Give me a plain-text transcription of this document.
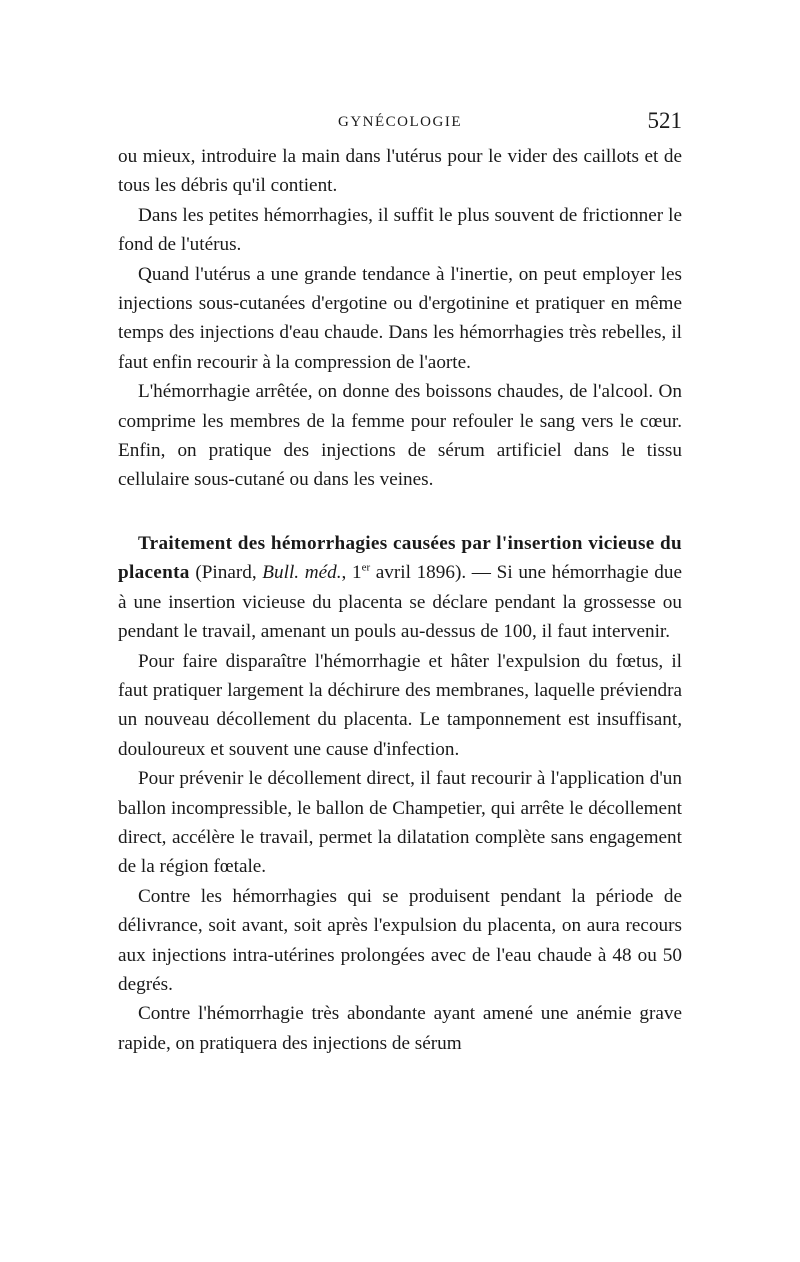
GYNÉCOLOGIE	521

ou mieux, introduire la main dans l'utérus pour le vider des caillots et de tous les débris qu'il contient.

Dans les petites hémorrhagies, il suffit le plus souvent de frictionner le fond de l'utérus.

Quand l'utérus a une grande tendance à l'inertie, on peut employer les injections sous-cutanées d'ergotine ou d'ergotinine et pratiquer en même temps des injections d'eau chaude. Dans les hémorrhagies très rebelles, il faut enfin recourir à la compression de l'aorte.

L'hémorrhagie arrêtée, on donne des boissons chaudes, de l'alcool. On comprime les membres de la femme pour refouler le sang vers le cœur. Enfin, on pratique des injections de sérum artificiel dans le tissu cellulaire sous-cutané ou dans les veines.

Traitement des hémorrhagies causées par l'insertion vicieuse du placenta (Pinard, Bull. méd., 1er avril 1896). — Si une hémorrhagie due à une insertion vicieuse du placenta se déclare pendant la grossesse ou pendant le travail, amenant un pouls au-dessus de 100, il faut intervenir.

Pour faire disparaître l'hémorrhagie et hâter l'expulsion du fœtus, il faut pratiquer largement la déchirure des membranes, laquelle préviendra un nouveau décollement du placenta. Le tamponnement est insuffisant, douloureux et souvent une cause d'infection.

Pour prévenir le décollement direct, il faut recourir à l'application d'un ballon incompressible, le ballon de Champetier, qui arrête le décollement direct, accélère le travail, permet la dilatation complète sans engagement de la région fœtale.

Contre les hémorrhagies qui se produisent pendant la période de délivrance, soit avant, soit après l'expulsion du placenta, on aura recours aux injections intra-utérines prolongées avec de l'eau chaude à 48 ou 50 degrés.

Contre l'hémorrhagie très abondante ayant amené une anémie grave rapide, on pratiquera des injections de sérum
